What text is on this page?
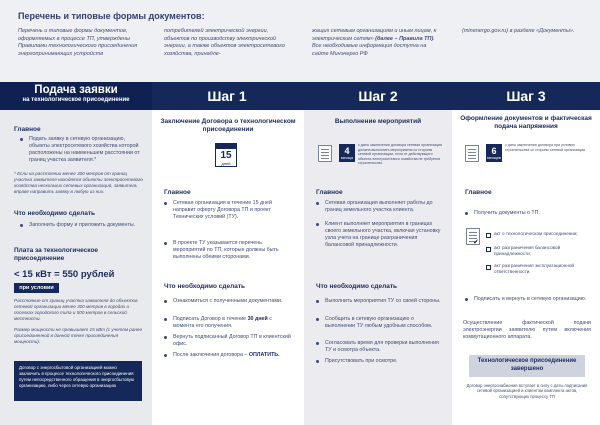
Перечень и типовые формы документов:
Перечень и типовые формы документов, оформляемых в процессе ТП, утверждены Правилами технологического присоединения энергопринимающих устройств
потребителей электрической энергии, объектов по производству электрической энергии, а также объектов электросетевого хозяйства, принадле-
жащих сетевым организациям и иным лицам, к электрическим сетям» (далее – Правила ТП). Все необходимые информация доступна на сайте Минэнерго РФ
(minenergo.gov.ru) в разделе «Документы».
Подача заявки
на технологическое присоединение	Шаг 1	Шаг 2	Шаг 3
Главное
Подать заявку в сетевую организацию, объекты электросетевого хозяйства которой расположены на наименьшем расстоянии от границ участка заявителя.*
* Если на расстоянии менее 300 метров от границ участка заявителя находятся объекты электросетевого хозяйства нескольких сетевых организаций, заявитель вправе направить заявку в любую из них.
Что необходимо сделать
Заполнить форму и приложить документы.
Плата за технологическое присоединение
< 15 кВт = 550 рублей
при условии
Расстояние от границ участка заявителя до объектов сетевой организации менее 300 метров в городах и поселках городского типа и 500 метров в сельской местности.
Размер мощности не превышает 15 кВт (с учетом ранее присоединенной в данной точке присоединения мощности).
Договор с энергосбытовой организацией можно заключить в процессе технологического присоединения путем непосредственного обращения в энергосбытовую организацию, либо через сетевую организацию
Заключение Договора о технологическом присоединении
15
дней
Главное
Сетевая организация в течение 15 дней направит оферту Договора ТП и проект Технических условий (ТУ).
В проекте ТУ указывается перечень мероприятий по ТП, которые должны быть выполнены обеими сторонами.
Что необходимо сделать
Ознакомиться с полученными документами.
Подписать Договор в течение 30 дней с момента его получения.
Вернуть подписанный Договор ТП в клиентский офис.
После заключения договора – ОПЛАТИТЬ.
Выполнение мероприятий
4
месяца
с даты заключения договора сетевая организация должна выполнить мероприятия со стороны сетевой организации, если от действующего объекта электросетевого хозяйства не требуется строительство
Главное
Сетевая организация выполняет работы до границ земельного участка клиента.
Клиент выполняет мероприятия в границах своего земельного участка, включая установку узла учета на границе разграничения балансовой принадлежности.
Что необходимо сделать
Выполнить мероприятия ТУ со своей стороны.
Сообщить в сетевую организацию о выполнении ТУ любым удобным способом.
Согласовать время для проверки выполнения ТУ и осмотра объекта.
Присутствовать при осмотре.
Оформление документов и фактическая подача напряжения
6
месяцев
с даты заключения договора при условии строительства со стороны сетевой организации
Главное
Получить документы о ТП.
✓
акт о технологическом присоединении;
акт разграничения балансовой принадлежности;
акт разграничения эксплуатационной ответственности.
Подписать и вернуть в сетевую организацию.
Осуществление фактической подачи электроэнергии заявителю путем включения коммутационного аппарата.
Технологическое присоединение завершено
Договор энергоснабжения вступает в силу с даты подписания сетевой организацией и клиентом комплекта актов, сопутствующих процессу ТП
